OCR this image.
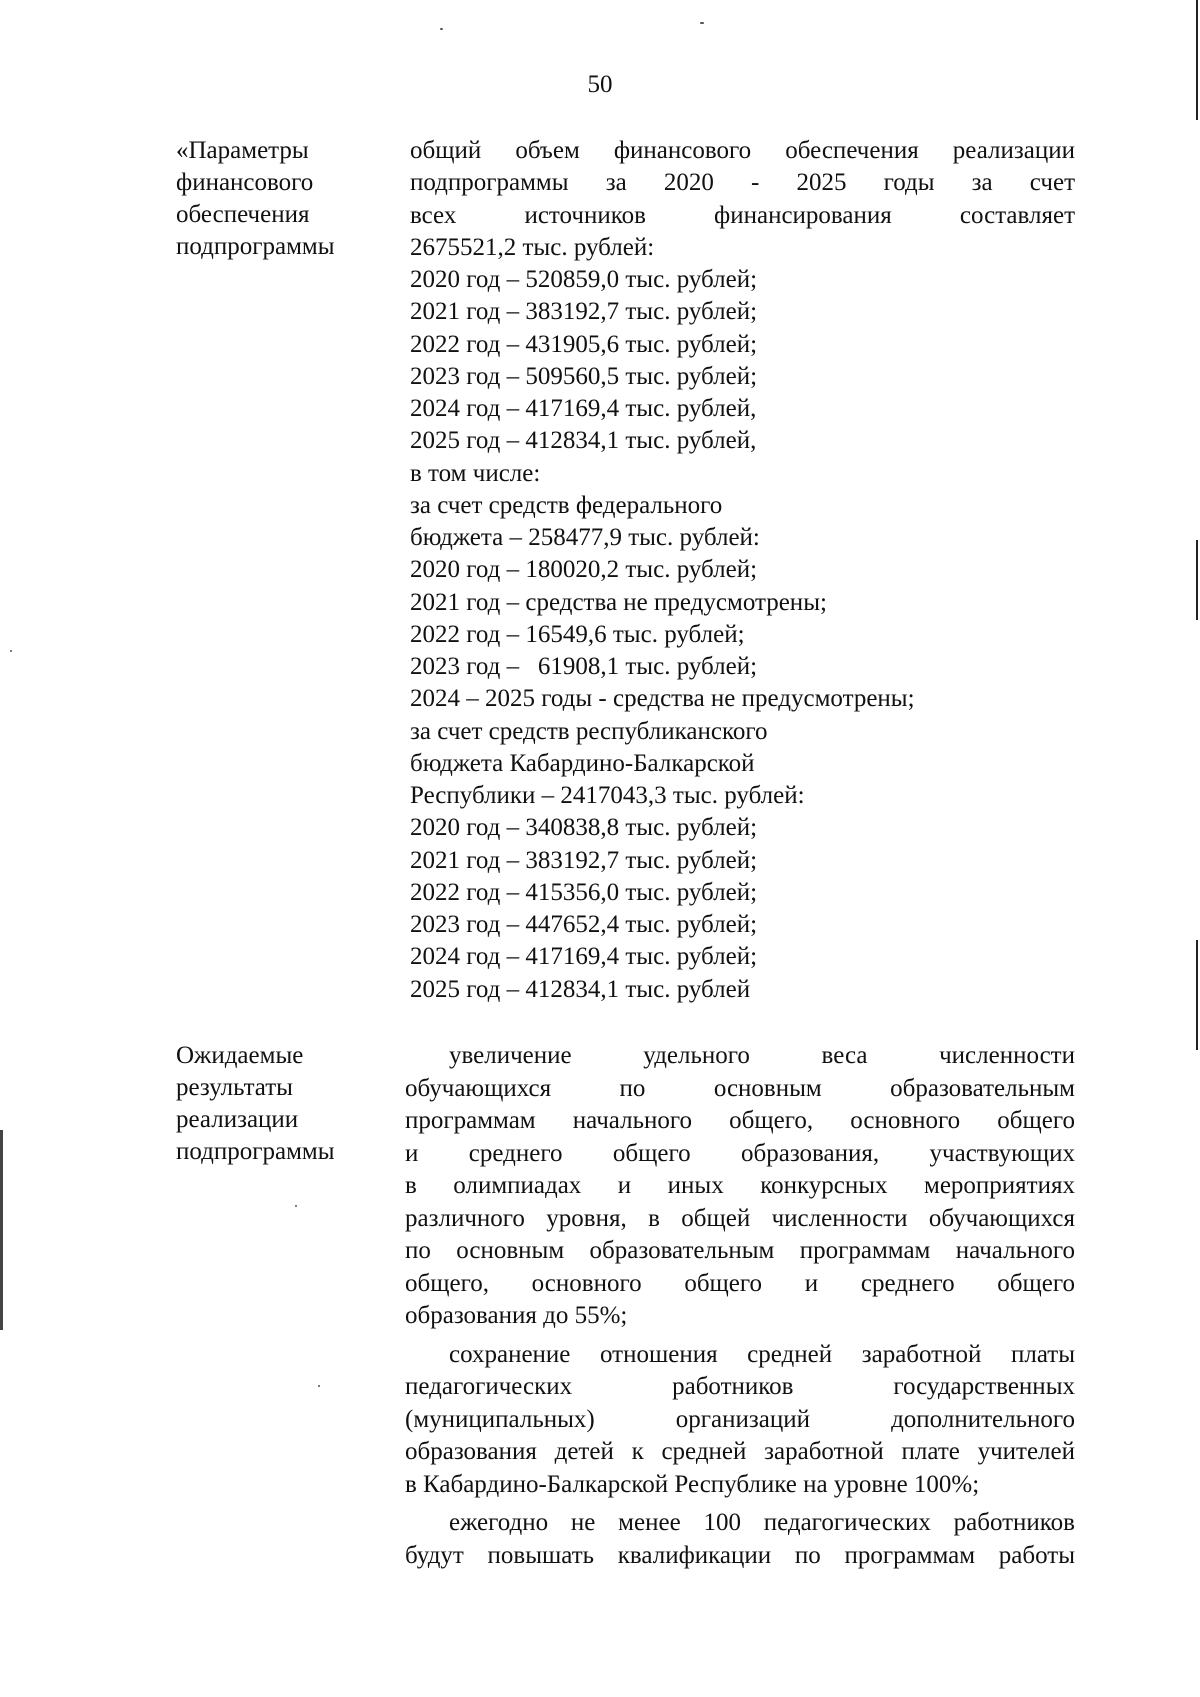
50
«Параметры
финансового
обеспечения
подпрограммы
общий объем финансового обеспечения реализации
подпрограммы за 2020 - 2025 годы за счет
всех источников финансирования составляет
2675521,2 тыс. рублей:
2020 год – 520859,0 тыс. рублей;
2021 год – 383192,7 тыс. рублей;
2022 год – 431905,6 тыс. рублей;
2023 год – 509560,5 тыс. рублей;
2024 год – 417169,4 тыс. рублей,
2025 год – 412834,1 тыс. рублей,
в том числе:
за счет средств федерального
бюджета – 258477,9 тыс. рублей:
2020 год – 180020,2 тыс. рублей;
2021 год – средства не предусмотрены;
2022 год – 16549,6 тыс. рублей;
2023 год –   61908,1 тыс. рублей;
2024 – 2025 годы - средства не предусмотрены;
за счет средств республиканского
бюджета Кабардино-Балкарской
Республики – 2417043,3 тыс. рублей:
2020 год – 340838,8 тыс. рублей;
2021 год – 383192,7 тыс. рублей;
2022 год – 415356,0 тыс. рублей;
2023 год – 447652,4 тыс. рублей;
2024 год – 417169,4 тыс. рублей;
2025 год – 412834,1 тыс. рублей
Ожидаемые
результаты
реализации
подпрограммы
увеличение удельного веса численности
обучающихся по основным образовательным
программам начального общего, основного общего
и среднего общего образования, участвующих
в олимпиадах и иных конкурсных мероприятиях
различного уровня, в общей численности обучающихся
по основным образовательным программам начального
общего, основного общего и среднего общего
образования до 55%;
сохранение отношения средней заработной платы
педагогических работников государственных
(муниципальных) организаций дополнительного
образования детей к средней заработной плате учителей
в Кабардино-Балкарской Республике на уровне 100%;
ежегодно не менее 100 педагогических работников
будут повышать квалификации по программам работы
